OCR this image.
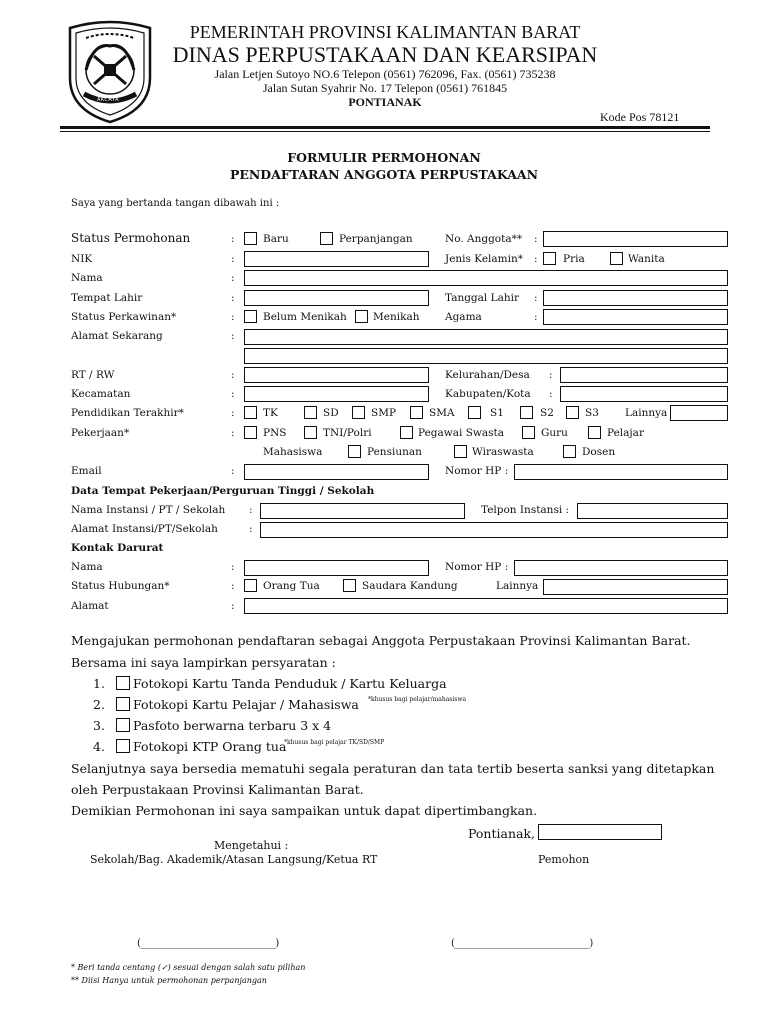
AKCAYA
PEMERINTAH PROVINSI KALIMANTAN BARAT
DINAS PERPUSTAKAAN DAN KEARSIPAN
Jalan Letjen Sutoyo NO.6 Telepon (0561) 762096, Fax. (0561) 735238
Jalan Sutan Syahrir No. 17 Telepon (0561) 761845
PONTIANAK
Kode Pos 78121
FORMULIR PERMOHONAN
PENDAFTARAN ANGGOTA PERPUSTAKAAN
Saya yang bertanda tangan dibawah ini :
Status Permohonan	:	Baru	Perpanjangan	No. Anggota** :
NIK	:	Jenis Kelamin* : Pria	Wanita
Nama	:
Tempat Lahir	:	Tanggal Lahir :
Status Perkawinan*	:	Belum Menikah Menikah Agama	:
Alamat Sekarang	:
RT / RW	:	Kelurahan/Desa :
Kecamatan	:	Kabupaten/Kota :
Pendidikan Terakhir*	:	TK	SD	SMP	SMA	S1	S2	S3 Lainnya
Pekerjaan*	:	PNS	TNI/Polri	Pegawai Swasta	Guru	Pelajar
Mahasiswa	Pensiunan	Wiraswasta	Dosen
Email	:	Nomor HP :
Data Tempat Pekerjaan/Perguruan Tinggi / Sekolah
Nama Instansi / PT / Sekolah :	Telpon Instansi :
Alamat Instansi/PT/Sekolah	:
Kontak Darurat
Nama	:	Nomor HP :
Status Hubungan*	:	Orang Tua	Saudara Kandung	Lainnya
Alamat	:
Mengajukan permohonan pendaftaran sebagai Anggota Perpustakaan Provinsi Kalimantan Barat.
Bersama ini saya lampirkan persyaratan :
1. Fotokopi Kartu Tanda Penduduk / Kartu Keluarga
2. Fotokopi Kartu Pelajar / Mahasiswa *khusus bagi pelajar/mahasiswa
3. Pasfoto berwarna terbaru 3 x 4
4. Fotokopi KTP Orang tua
*khusus bagi pelajar TK/SD/SMP
Selanjutnya saya bersedia mematuhi segala peraturan dan tata tertib beserta sanksi yang ditetapkan
oleh Perpustakaan Provinsi Kalimantan Barat.
Demikian Permohonan ini saya sampaikan untuk dapat dipertimbangkan.
Pontianak,
Mengetahui :
Sekolah/Bag. Akademik/Atasan Langsung/Ketua RT	Pemohon
(______________________________)	(______________________________)
* Beri tanda centang (✓) sesuai dengan salah satu pilihan
** Diisi Hanya untuk permohonan perpanjangan
